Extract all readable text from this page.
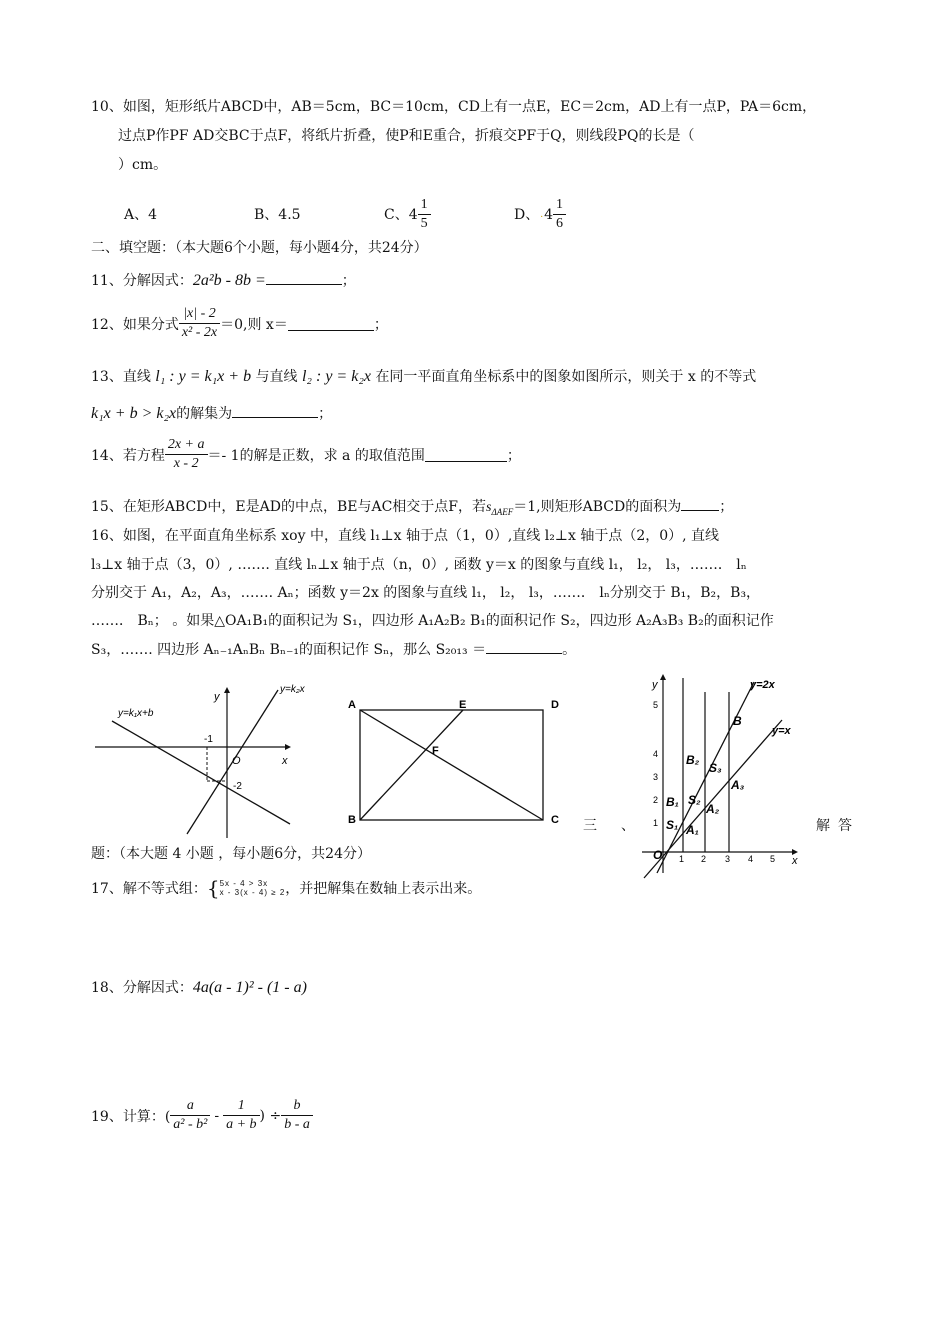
10、如图，矩形纸片ABCD中，AB＝5cm，BC＝10cm，CD上有一点E，EC＝2cm，AD上有一点P，PA＝6cm，
过点P作PF AD交BC于点F，将纸片折叠，使P和E重合，折痕交PF于Q，则线段PQ的长是（
）cm。
A、4	B、4.5	C、$4 \frac{1}{5}$	D、 . $4 \frac{1}{6}$
二、填空题：（本大题6个小题，每小题4分，共24分）
11、分解因式：2a²b - 8b =	；
12、如果分式 $\frac{|x| - 2}{\text{x² - 2x}} =0$,则 x＝	；
13、直线 l₁ : y = k₁x + b 与直线 l₂ : y = k₂x 在同一平面直角坐标系中的图象如图所示，则关于 x 的不等式
k₁x + b > k₂x的解集为	；
14、若方程 $\frac{2x + a}{x - 2} =- 1$的解是正数，求 a 的取值范围	；
15、在矩形ABCD中，E是AD的中点，BE与AC相交于点F，若$s_{\Delta AEF}=1$,则矩形ABCD的面积为	；
16、如图，在平面直角坐标系 xoy 中，直线 l₁⊥x 轴于点（1，0）,直线 l₂⊥x 轴于点（2，0）, 直线
l₃⊥x 轴于点（3，0）, ……. 直线 lₙ⊥x 轴于点（n，0）, 函数 y＝x 的图象与直线 l₁， l₂， l₃，……． lₙ
分别交于 A₁，A₂，A₃，……. Aₙ；函数 y＝2x 的图象与直线 l₁， l₂， l₃，……． lₙ分别交于 B₁，B₂，B₃，
……． Bₙ； 。如果△OA₁B₁的面积记为 S₁，四边形 A₁A₂B₂ B₁的面积记作 S₂，四边形 A₂A₃B₃ B₂的面积记作
S₃，……. 四边形 Aₙ₋₁AₙBₙ Bₙ₋₁的面积记作 Sₙ，那么 S₂₀₁₃ ＝	。
y=k₁x+b
y=k₂x
y
x
O
-1
-2
A	E	D
B	C
F
y
x
O
y=2x
y=x
5
4
3
2
1
1 2 3 4 5
B
B₂
S₃
A₃
B₁ S₂
A₂
S₁ A₁
三 、	解答
题：（本大题 4 小题 ，每小题6分，共24分）
17、解不等式组： { 5x - 4 > 3x
x - 3(x - 4) ≥ 2 ，并把解集在数轴上表示出来。
18、分解因式：4a(a - 1)² - (1 - a)
19、计算：( $\frac{a}{\text{a² - b²}} - \frac{1}{a + b}$ ) ÷ $\frac{b}{b - a}$
